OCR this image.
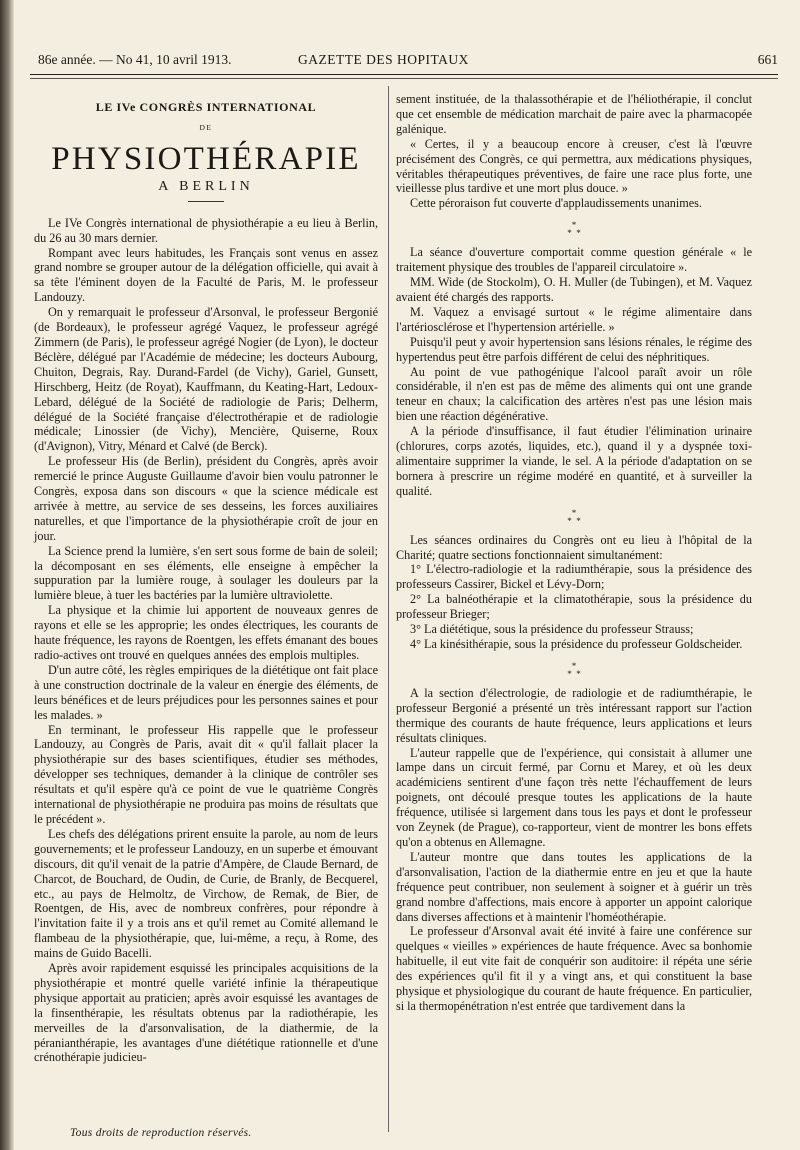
86e année. — No 41, 10 avril 1913.	GAZETTE DES HOPITAUX	661
LE IVe CONGRÈS INTERNATIONAL
DE
PHYSIOTHÉRAPIE
A BERLIN

Le IVe Congrès international de physiothérapie a eu lieu à Berlin, du 26 au 30 mars dernier.

Rompant avec leurs habitudes, les Français sont venus en assez grand nombre se grouper autour de la délégation officielle, qui avait à sa tête l'éminent doyen de la Faculté de Paris, M. le professeur Landouzy.

On y remarquait le professeur d'Arsonval, le professeur Bergonié (de Bordeaux), le professeur agrégé Vaquez, le professeur agrégé Zimmern (de Paris), le professeur agrégé Nogier (de Lyon), le docteur Béclère, délégué par l'Académie de médecine; les docteurs Aubourg, Chuiton, Degrais, Ray. Durand-Fardel (de Vichy), Gariel, Gunsett, Hirschberg, Heitz (de Royat), Kauffmann, du Keating-Hart, Ledoux-Lebard, délégué de la Société de radiologie de Paris; Delherm, délégué de la Société française d'électrothérapie et de radiologie médicale; Linossier (de Vichy), Mencière, Quiserne, Roux (d'Avignon), Vitry, Ménard et Calvé (de Berck).

Le professeur His (de Berlin), président du Congrès, après avoir remercié le prince Auguste Guillaume d'avoir bien voulu patronner le Congrès, exposa dans son discours « que la science médicale est arrivée à mettre, au service de ses desseins, les forces auxiliaires naturelles, et que l'importance de la physiothérapie croît de jour en jour.

La Science prend la lumière, s'en sert sous forme de bain de soleil; la décomposant en ses éléments, elle enseigne à empêcher la suppuration par la lumière rouge, à soulager les douleurs par la lumière bleue, à tuer les bactéries par la lumière ultraviolette.

La physique et la chimie lui apportent de nouveaux genres de rayons et elle se les approprie; les ondes électriques, les courants de haute fréquence, les rayons de Roentgen, les effets émanant des boues radio-actives ont trouvé en quelques années des emplois multiples.

D'un autre côté, les règles empiriques de la diététique ont fait place à une construction doctrinale de la valeur en énergie des éléments, de leurs bénéfices et de leurs préjudices pour les personnes saines et pour les malades. »

En terminant, le professeur His rappelle que le professeur Landouzy, au Congrès de Paris, avait dit « qu'il fallait placer la physiothérapie sur des bases scientifiques, étudier ses méthodes, développer ses techniques, demander à la clinique de contrôler ses résultats et qu'il espère qu'à ce point de vue le quatrième Congrès international de physiothérapie ne produira pas moins de résultats que le précédent ».

Les chefs des délégations prirent ensuite la parole, au nom de leurs gouvernements; et le professeur Landouzy, en un superbe et émouvant discours, dit qu'il venait de la patrie d'Ampère, de Claude Bernard, de Charcot, de Bouchard, de Oudin, de Curie, de Branly, de Becquerel, etc., au pays de Helmoltz, de Virchow, de Remak, de Bier, de Roentgen, de His, avec de nombreux confrères, pour répondre à l'invitation faite il y a trois ans et qu'il remet au Comité allemand le flambeau de la physiothérapie, que, lui-même, a reçu, à Rome, des mains de Guido Bacelli.

Après avoir rapidement esquissé les principales acquisitions de la physiothérapie et montré quelle variété infinie la thérapeutique physique apportait au praticien; après avoir esquissé les avantages de la finsenthérapie, les résultats obtenus par la radiothérapie, les merveilles de la d'arsonvalisation, de la diathermie, de la péranianthérapie, les avantages d'une diététique rationnelle et d'une crénothérapie judicieu-

sement instituée, de la thalassothérapie et de l'héliothérapie, il conclut que cet ensemble de médication marchait de paire avec la pharmacopée galénique.

« Certes, il y a beaucoup encore à creuser, c'est là l'œuvre précisément des Congrès, ce qui permettra, aux médications physiques, véritables thérapeutiques préventives, de faire une race plus forte, une vieillesse plus tardive et une mort plus douce. »

Cette péroraison fut couverte d'applaudissements unanimes.

*
* *

La séance d'ouverture comportait comme question générale « le traitement physique des troubles de l'appareil circulatoire ».

MM. Wide (de Stockolm), O. H. Muller (de Tubingen), et M. Vaquez avaient été chargés des rapports.

M. Vaquez a envisagé surtout « le régime alimentaire dans l'artériosclérose et l'hypertension artérielle. »

Puisqu'il peut y avoir hypertension sans lésions rénales, le régime des hypertendus peut être parfois différent de celui des néphritiques.

Au point de vue pathogénique l'alcool paraît avoir un rôle considérable, il n'en est pas de même des aliments qui ont une grande teneur en chaux; la calcification des artères n'est pas une lésion mais bien une réaction dégénérative.

A la période d'insuffisance, il faut étudier l'élimination urinaire (chlorures, corps azotés, liquides, etc.), quand il y a dyspnée toxi-alimentaire supprimer la viande, le sel. A la période d'adaptation on se bornera à prescrire un régime modéré en quantité, et à surveiller la qualité.

*
* *

Les séances ordinaires du Congrès ont eu lieu à l'hôpital de la Charité; quatre sections fonctionnaient simultanément:

1° L'électro-radiologie et la radiumthérapie, sous la présidence des professeurs Cassirer, Bickel et Lévy-Dorn;

2° La balnéothérapie et la climatothérapie, sous la présidence du professeur Brieger;

3° La diététique, sous la présidence du professeur Strauss;

4° La kinésithérapie, sous la présidence du professeur Goldscheider.

*
* *

A la section d'électrologie, de radiologie et de radiumthérapie, le professeur Bergonié a présenté un très intéressant rapport sur l'action thermique des courants de haute fréquence, leurs applications et leurs résultats cliniques.

L'auteur rappelle que de l'expérience, qui consistait à allumer une lampe dans un circuit fermé, par Cornu et Marey, et où les deux académiciens sentirent d'une façon très nette l'échauffement de leurs poignets, ont découlé presque toutes les applications de la haute fréquence, utilisée si largement dans tous les pays et dont le professeur von Zeynek (de Prague), co-rapporteur, vient de montrer les bons effets qu'on a obtenus en Allemagne.

L'auteur montre que dans toutes les applications de la d'arsonvalisation, l'action de la diathermie entre en jeu et que la haute fréquence peut contribuer, non seulement à soigner et à guérir un très grand nombre d'affections, mais encore à apporter un appoint calorique dans diverses affections et à maintenir l'homéothérapie.

Le professeur d'Arsonval avait été invité à faire une conférence sur quelques « vieilles » expériences de haute fréquence. Avec sa bonhomie habituelle, il eut vite fait de conquérir son auditoire: il répéta une série des expériences qu'il fit il y a vingt ans, et qui constituent la base physique et physiologique du courant de haute fréquence. En particulier, si la thermopénétration n'est entrée que tardivement dans la

Tous droits de reproduction réservés.
